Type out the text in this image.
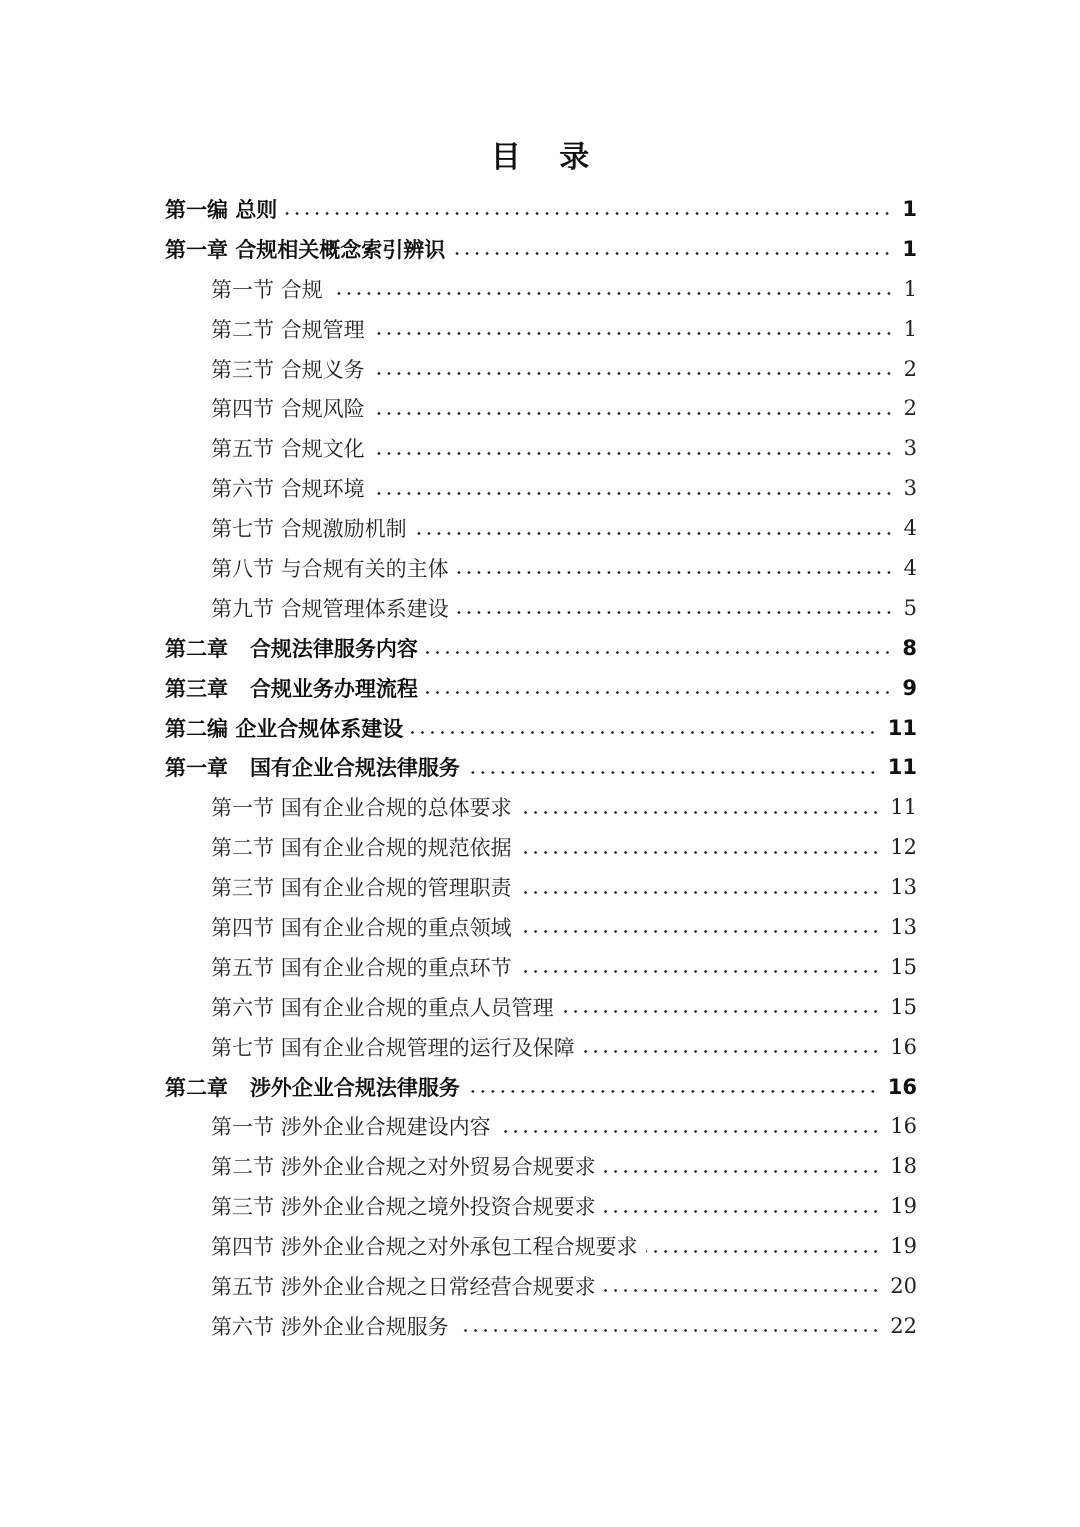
目 录
第一编 总则	1
第一章 合规相关概念索引辨识	1
第一节 合规	1
第二节 合规管理	1
第三节 合规义务	2
第四节 合规风险	2
第五节 合规文化	3
第六节 合规环境	3
第七节 合规激励机制	4
第八节 与合规有关的主体	4
第九节 合规管理体系建设	5
第二章 合规法律服务内容	8
第三章 合规业务办理流程	9
第二编 企业合规体系建设	11
第一章 国有企业合规法律服务	11
第一节 国有企业合规的总体要求	11
第二节 国有企业合规的规范依据	12
第三节 国有企业合规的管理职责	13
第四节 国有企业合规的重点领域	13
第五节 国有企业合规的重点环节	15
第六节 国有企业合规的重点人员管理	15
第七节 国有企业合规管理的运行及保障	16
第二章 涉外企业合规法律服务	16
第一节 涉外企业合规建设内容	16
第二节 涉外企业合规之对外贸易合规要求	18
第三节 涉外企业合规之境外投资合规要求	19
第四节 涉外企业合规之对外承包工程合规要求	19
第五节 涉外企业合规之日常经营合规要求	20
第六节 涉外企业合规服务	22
